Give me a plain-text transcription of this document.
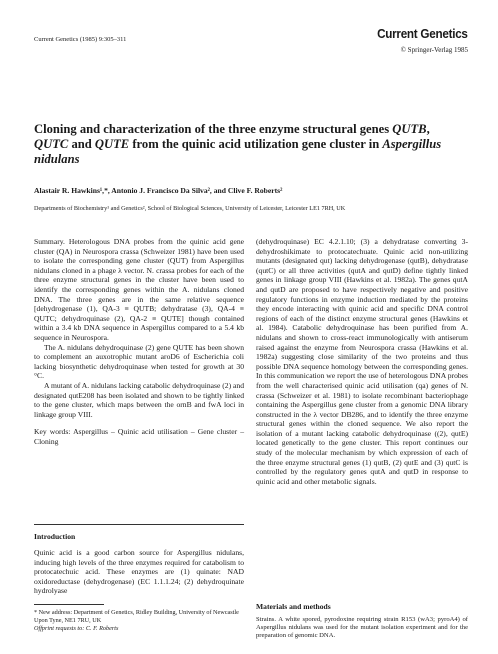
Current Genetics (1985) 9:305–311	Current Genetics
© Springer-Verlag 1985
Cloning and characterization of the three enzyme structural genes QUTB, QUTC and QUTE from the quinic acid utilization gene cluster in Aspergillus nidulans
Alastair R. Hawkins¹,*, Antonio J. Francisco Da Silva², and Clive F. Roberts²
Departments of Biochemistry¹ and Genetics², School of Biological Sciences, University of Leicester, Leicester LE1 7RH, UK

Summary. Heterologous DNA probes from the quinic acid gene cluster (QA) in Neurospora crassa (Schweizer 1981) have been used to isolate the corresponding gene cluster (QUT) from Aspergillus nidulans cloned in a phage λ vector. N. crassa probes for each of the three enzyme structural genes in the cluster have been used to identify the corresponding genes within the A. nidulans cloned DNA. The three genes are in the same relative sequence [dehydrogenase (1), QA-3 ≡ QUTB; dehydratase (3), QA-4 ≡ QUTC; dehydroquinase (2), QA-2 ≡ QUTE] though contained within a 3.4 kb DNA sequence in Aspergillus compared to a 5.4 kb sequence in Neurospora.

The A. nidulans dehydroquinase (2) gene QUTE has been shown to complement an auxotrophic mutant aroD6 of Escherichia coli lacking biosynthetic dehydroquinase when tested for growth at 30 °C.

A mutant of A. nidulans lacking catabolic dehydroquinase (2) and designated qutE208 has been isolated and shown to be tightly linked to the gene cluster, which maps between the ornB and fwA loci in linkage group VIII.

Key words: Aspergillus – Quinic acid utilisation – Gene cluster – Cloning

Introduction
Quinic acid is a good carbon source for Aspergillus nidulans, inducing high levels of the three enzymes required for catabolism to protocatechuic acid. These enzymes are (1) quinate: NAD oxidoreductase (dehydrogenase) (EC 1.1.1.24; (2) dehydroquinate hydrolyase
* New address: Department of Genetics, Ridley Building, University of Newcastle Upon Tyne, NE1 7RU, UK
Offprint requests to: C. F. Roberts

(dehydroquinase) EC 4.2.1.10; (3) a dehydratase converting 3-dehydroshikimate to protocatechuate. Quinic acid non-utilizing mutants (designated qut) lacking dehydrogenase (qutB), dehydratase (qutC) or all three activities (qutA and qutD) define tightly linked genes in linkage group VIII (Hawkins et al. 1982a). The genes qutA and qutD are proposed to have respectively negative and positive regulatory functions in enzyme induction mediated by the proteins they encode interacting with quinic acid and specific DNA control regions of each of the distinct enzyme structural genes (Hawkins et al. 1984). Catabolic dehydroquinase has been purified from A. nidulans and shown to cross-react immunologically with antiserum raised against the enzyme from Neurospora crassa (Hawkins et al. 1982a) suggesting close similarity of the two proteins and thus possible DNA sequence homology between the corresponding genes. In this communication we report the use of heterologous DNA probes from the well characterised quinic acid utilisation (qa) genes of N. crassa (Schweizer et al. 1981) to isolate recombinant bacteriophage containing the Aspergillus gene cluster from a genomic DNA library constructed in the λ vector DB286, and to identify the three enzyme structural genes within the cloned sequence. We also report the isolation of a mutant lacking catabolic dehydroquinase ((2), qutE) located genetically to the gene cluster. This report continues our study of the molecular mechanism by which expression of each of the three enzyme structural genes (1) qutB, (2) qutE and (3) qutC is controlled by the regulatory genes qutA and qutD in response to quinic acid and other metabolic signals.

Materials and methods
Strains. A white spored, pyrodoxine requiring strain R153 (wA3; pyroA4) of Aspergillus nidulans was used for the mutant isolation experiment and for the preparation of genomic DNA.
